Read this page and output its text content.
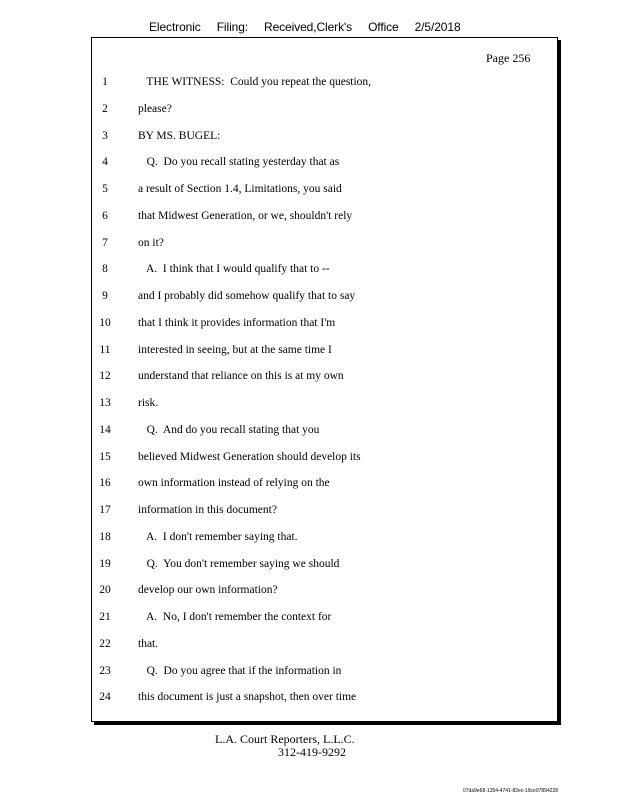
Electronic Filing: Received,Clerk's Office 2/5/2018
Page 256
1	THE WITNESS:  Could you repeat the question,
2	please?
3	BY MS. BUGEL:
4	Q.  Do you recall stating yesterday that as
5	a result of Section 1.4, Limitations, you said
6	that Midwest Generation, or we, shouldn't rely
7	on it?
8	A.  I think that I would qualify that to --
9	and I probably did somehow qualify that to say
10	that I think it provides information that I'm
11	interested in seeing, but at the same time I
12	understand that reliance on this is at my own
13	risk.
14	Q.  And do you recall stating that you
15	believed Midwest Generation should develop its
16	own information instead of relying on the
17	information in this document?
18	A.  I don't remember saying that.
19	Q.  You don't remember saying we should
20	develop our own information?
21	A.  No, I don't remember the context for
22	that.
23	Q.  Do you agree that if the information in
24	this document is just a snapshot, then over time
L.A. Court Reporters, L.L.C.
312-419-9292
07da9e68-1354-4741-82ec-19ce97894228
